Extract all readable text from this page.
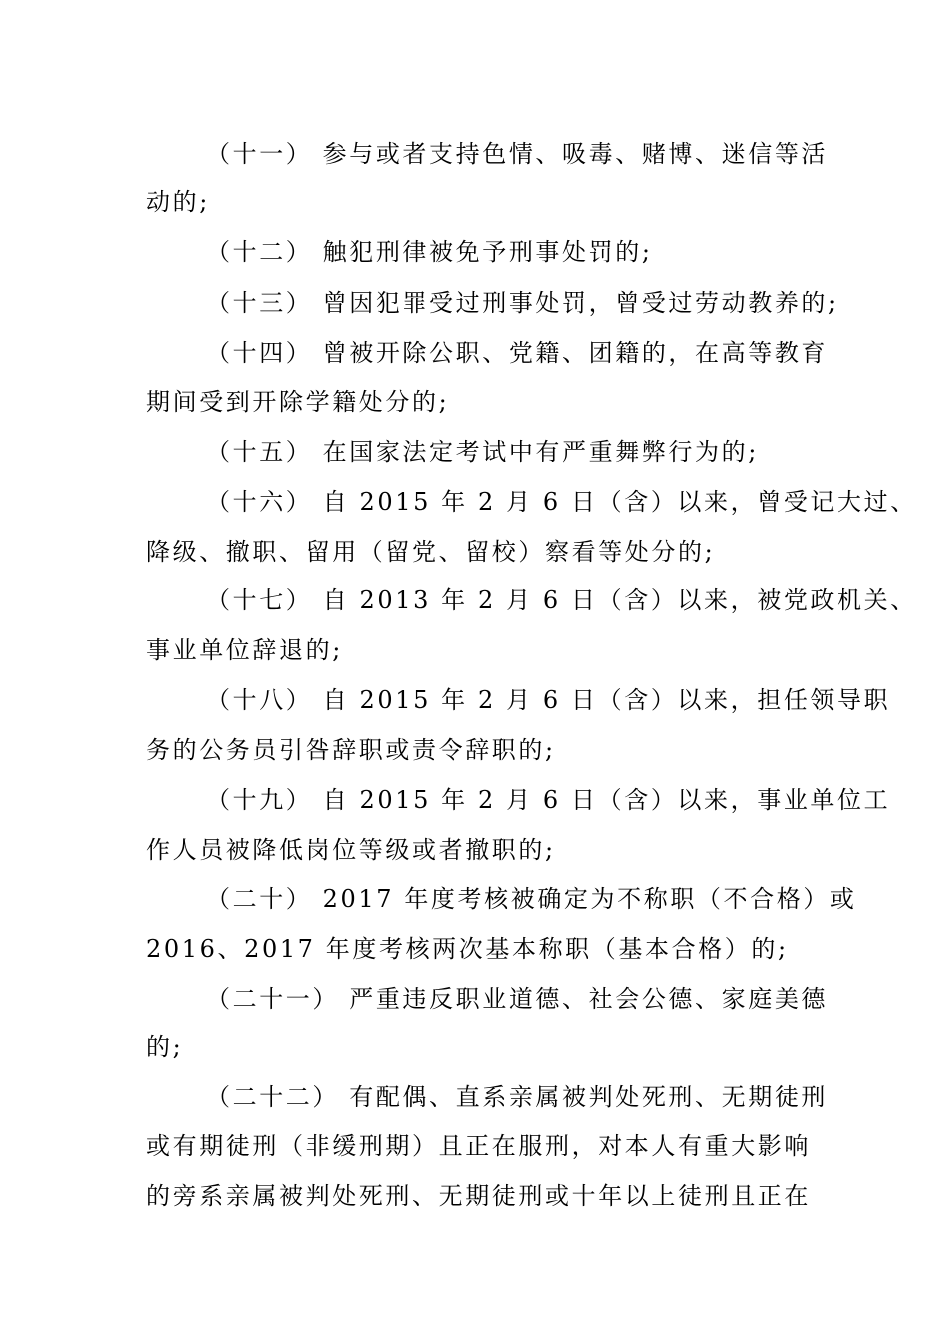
（十一） 参与或者支持色情、吸毒、赌博、迷信等活
动的;
（十二） 触犯刑律被免予刑事处罚的;
（十三） 曾因犯罪受过刑事处罚，曾受过劳动教养的;
（十四） 曾被开除公职、党籍、团籍的，在高等教育
期间受到开除学籍处分的;
（十五） 在国家法定考试中有严重舞弊行为的;
（十六） 自 2015 年 2 月 6 日（含）以来，曾受记大过、
降级、撤职、留用（留党、留校）察看等处分的;
（十七） 自 2013 年 2 月 6 日（含）以来，被党政机关、
事业单位辞退的;
（十八） 自 2015 年 2 月 6 日（含）以来，担任领导职
务的公务员引咎辞职或责令辞职的;
（十九） 自 2015 年 2 月 6 日（含）以来，事业单位工
作人员被降低岗位等级或者撤职的;
（二十） 2017 年度考核被确定为不称职（不合格）或
2016、2017 年度考核两次基本称职（基本合格）的;
（二十一） 严重违反职业道德、社会公德、家庭美德
的;
（二十二） 有配偶、直系亲属被判处死刑、无期徒刑
或有期徒刑（非缓刑期）且正在服刑，对本人有重大影响
的旁系亲属被判处死刑、无期徒刑或十年以上徒刑且正在
